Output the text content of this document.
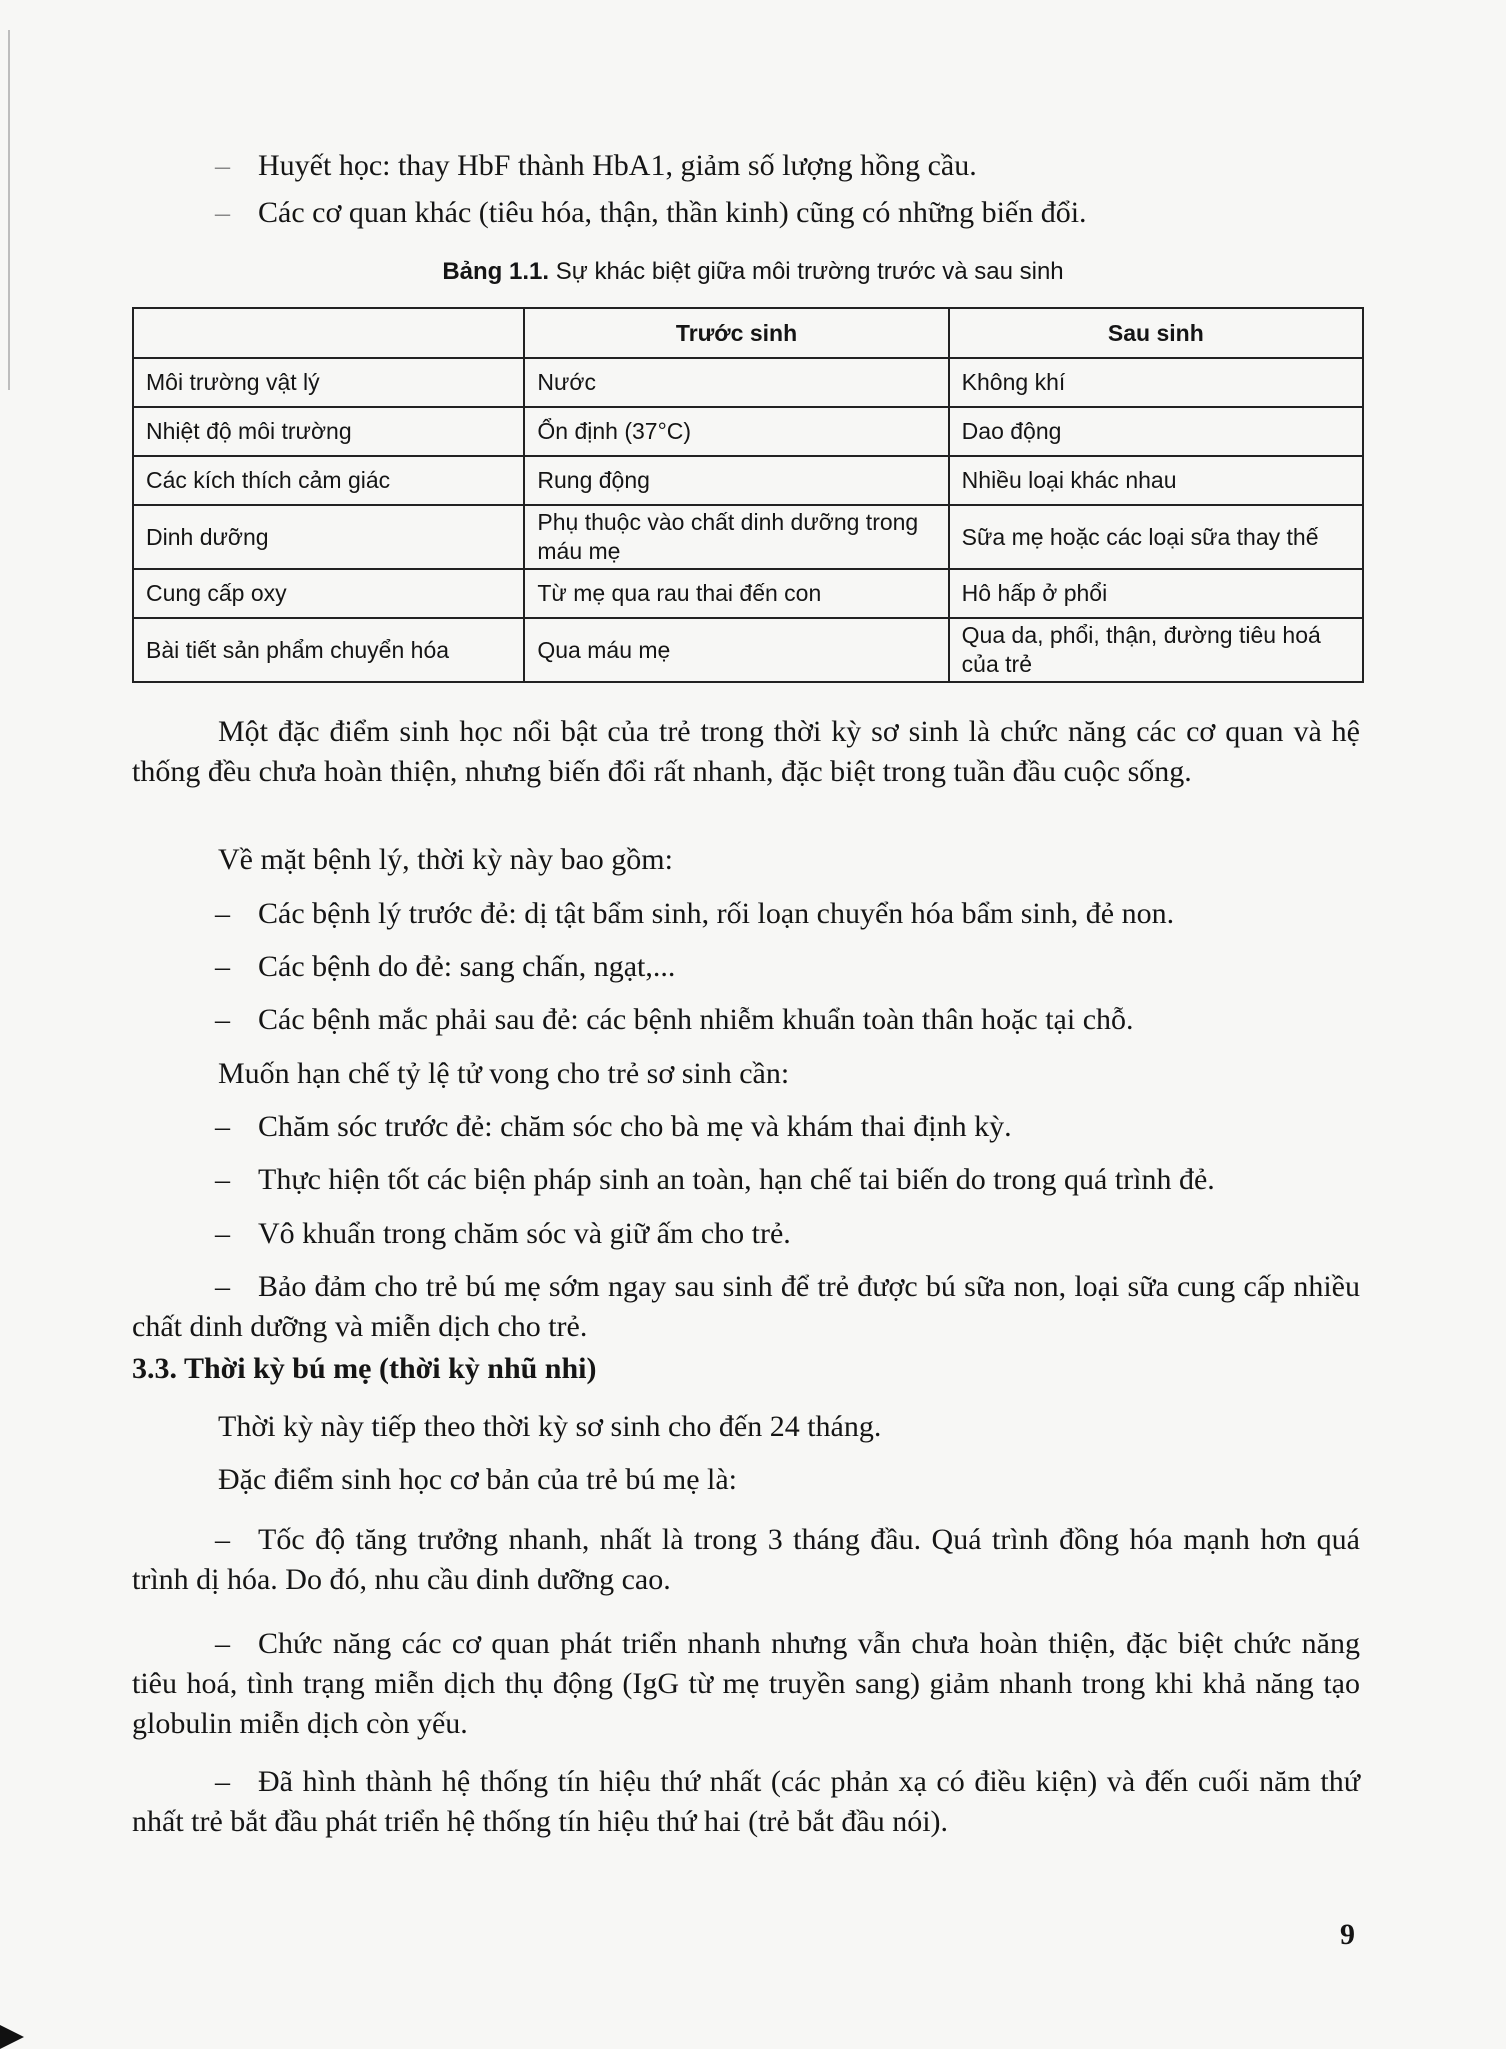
– Huyết học: thay HbF thành HbA1, giảm số lượng hồng cầu.
– Các cơ quan khác (tiêu hóa, thận, thần kinh) cũng có những biến đổi.
Bảng 1.1. Sự khác biệt giữa môi trường trước và sau sinh
	Trước sinh	Sau sinh
Môi trường vật lý	Nước	Không khí
Nhiệt độ môi trường	Ổn định (37°C)	Dao động
Các kích thích cảm giác	Rung động	Nhiều loại khác nhau
Dinh dưỡng	Phụ thuộc vào chất dinh dưỡng trong máu mẹ	Sữa mẹ hoặc các loại sữa thay thế
Cung cấp oxy	Từ mẹ qua rau thai đến con	Hô hấp ở phổi
Bài tiết sản phẩm chuyển hóa	Qua máu mẹ	Qua da, phổi, thận, đường tiêu hoá của trẻ
Một đặc điểm sinh học nổi bật của trẻ trong thời kỳ sơ sinh là chức năng các cơ quan và hệ thống đều chưa hoàn thiện, nhưng biến đổi rất nhanh, đặc biệt trong tuần đầu cuộc sống.
Về mặt bệnh lý, thời kỳ này bao gồm:
– Các bệnh lý trước đẻ: dị tật bẩm sinh, rối loạn chuyển hóa bẩm sinh, đẻ non.
– Các bệnh do đẻ: sang chấn, ngạt,...
– Các bệnh mắc phải sau đẻ: các bệnh nhiễm khuẩn toàn thân hoặc tại chỗ.
Muốn hạn chế tỷ lệ tử vong cho trẻ sơ sinh cần:
– Chăm sóc trước đẻ: chăm sóc cho bà mẹ và khám thai định kỳ.
– Thực hiện tốt các biện pháp sinh an toàn, hạn chế tai biến do trong quá trình đẻ.
– Vô khuẩn trong chăm sóc và giữ ấm cho trẻ.
– Bảo đảm cho trẻ bú mẹ sớm ngay sau sinh để trẻ được bú sữa non, loại sữa cung cấp nhiều chất dinh dưỡng và miễn dịch cho trẻ.
3.3. Thời kỳ bú mẹ (thời kỳ nhũ nhi)
Thời kỳ này tiếp theo thời kỳ sơ sinh cho đến 24 tháng.
Đặc điểm sinh học cơ bản của trẻ bú mẹ là:
– Tốc độ tăng trưởng nhanh, nhất là trong 3 tháng đầu. Quá trình đồng hóa mạnh hơn quá trình dị hóa. Do đó, nhu cầu dinh dưỡng cao.
– Chức năng các cơ quan phát triển nhanh nhưng vẫn chưa hoàn thiện, đặc biệt chức năng tiêu hoá, tình trạng miễn dịch thụ động (IgG từ mẹ truyền sang) giảm nhanh trong khi khả năng tạo globulin miễn dịch còn yếu.
– Đã hình thành hệ thống tín hiệu thứ nhất (các phản xạ có điều kiện) và đến cuối năm thứ nhất trẻ bắt đầu phát triển hệ thống tín hiệu thứ hai (trẻ bắt đầu nói).
9
